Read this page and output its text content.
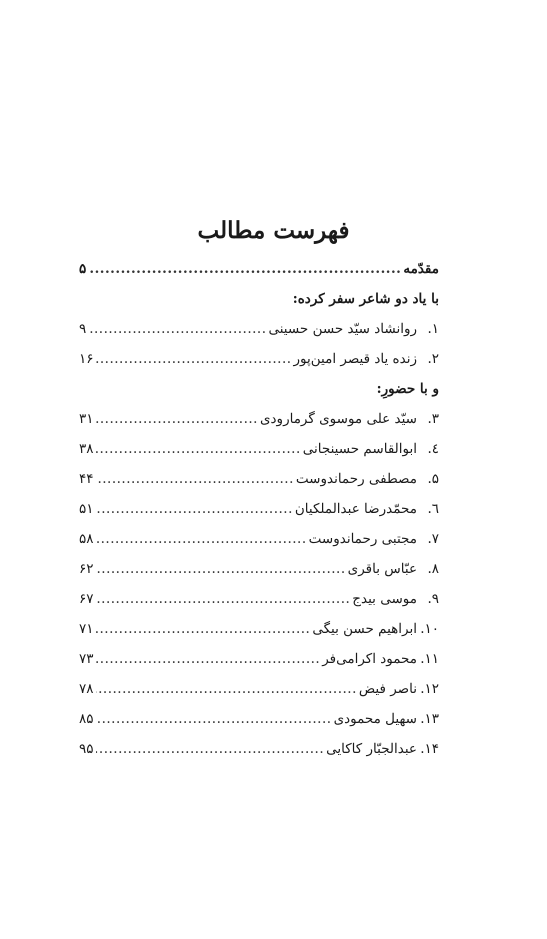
فهرست مطالب
مقدّمه
.....
۵
با یاد دو شاعر سفر کرده:
۱.
روانشاد سیّد حسن حسینی
.....
۹
۲.
زنده یاد قیصر امین‌پور
.....
۱۶
و با حضورِ:
۳.
سیّد علی موسوی گرمارودی
.....
۳۱
٤.
ابوالقاسم حسینجانی
.....
۳۸
۵.
مصطفی رحماندوست
.....
۴۴
٦.
محمّدرضا عبدالملکیان
.....
۵۱
۷.
مجتبی رحماندوست
.....
۵۸
۸.
عبّاس باقری
.....
۶۲
۹.
موسی بیدج
.....
۶۷
۱۰.
ابراهیم حسن بیگی
.....
۷۱
۱۱.
محمود اکرامی‌فر
.....
۷۳
۱۲.
ناصر فیض
.....
۷۸
۱۳.
سهیل محمودی
.....
۸۵
۱۴.
عبدالجبّار کاکایی
.....
۹۵
